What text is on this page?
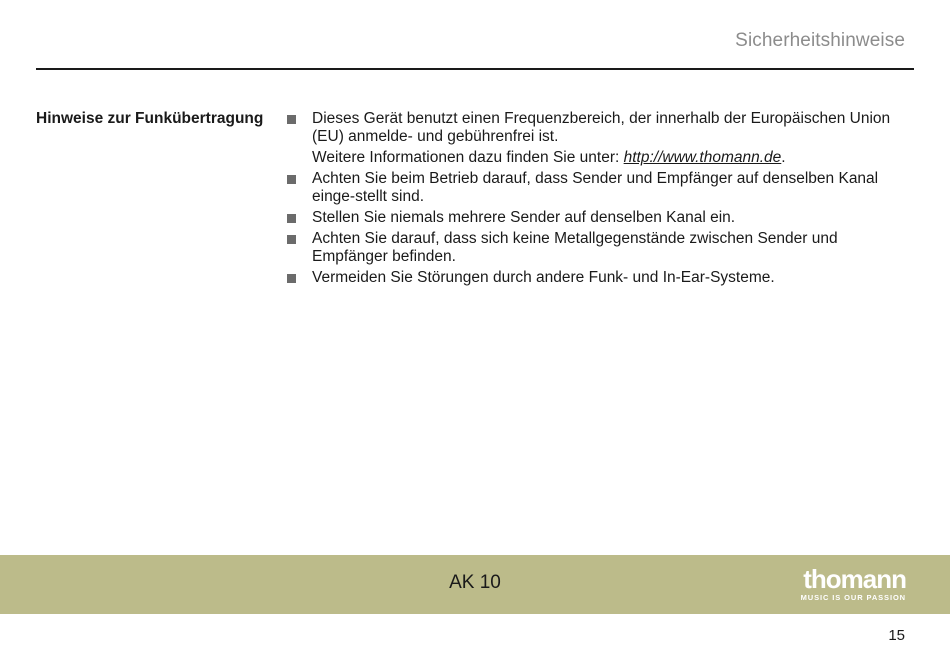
Sicherheitshinweise
Hinweise zur Funkübertragung	Dieses Gerät benutzt einen Frequenzbereich, der innerhalb der Europäischen Union (EU) anmelde- und gebührenfrei ist.
Weitere Informationen dazu finden Sie unter: http://www.thomann.de.
Achten Sie beim Betrieb darauf, dass Sender und Empfänger auf denselben Kanal einge-stellt sind.
Stellen Sie niemals mehrere Sender auf denselben Kanal ein.
Achten Sie darauf, dass sich keine Metallgegenstände zwischen Sender und Empfänger befinden.
Vermeiden Sie Störungen durch andere Funk- und In-Ear-Systeme.
AK 10	thomann
MUSIC IS OUR PASSION
15
